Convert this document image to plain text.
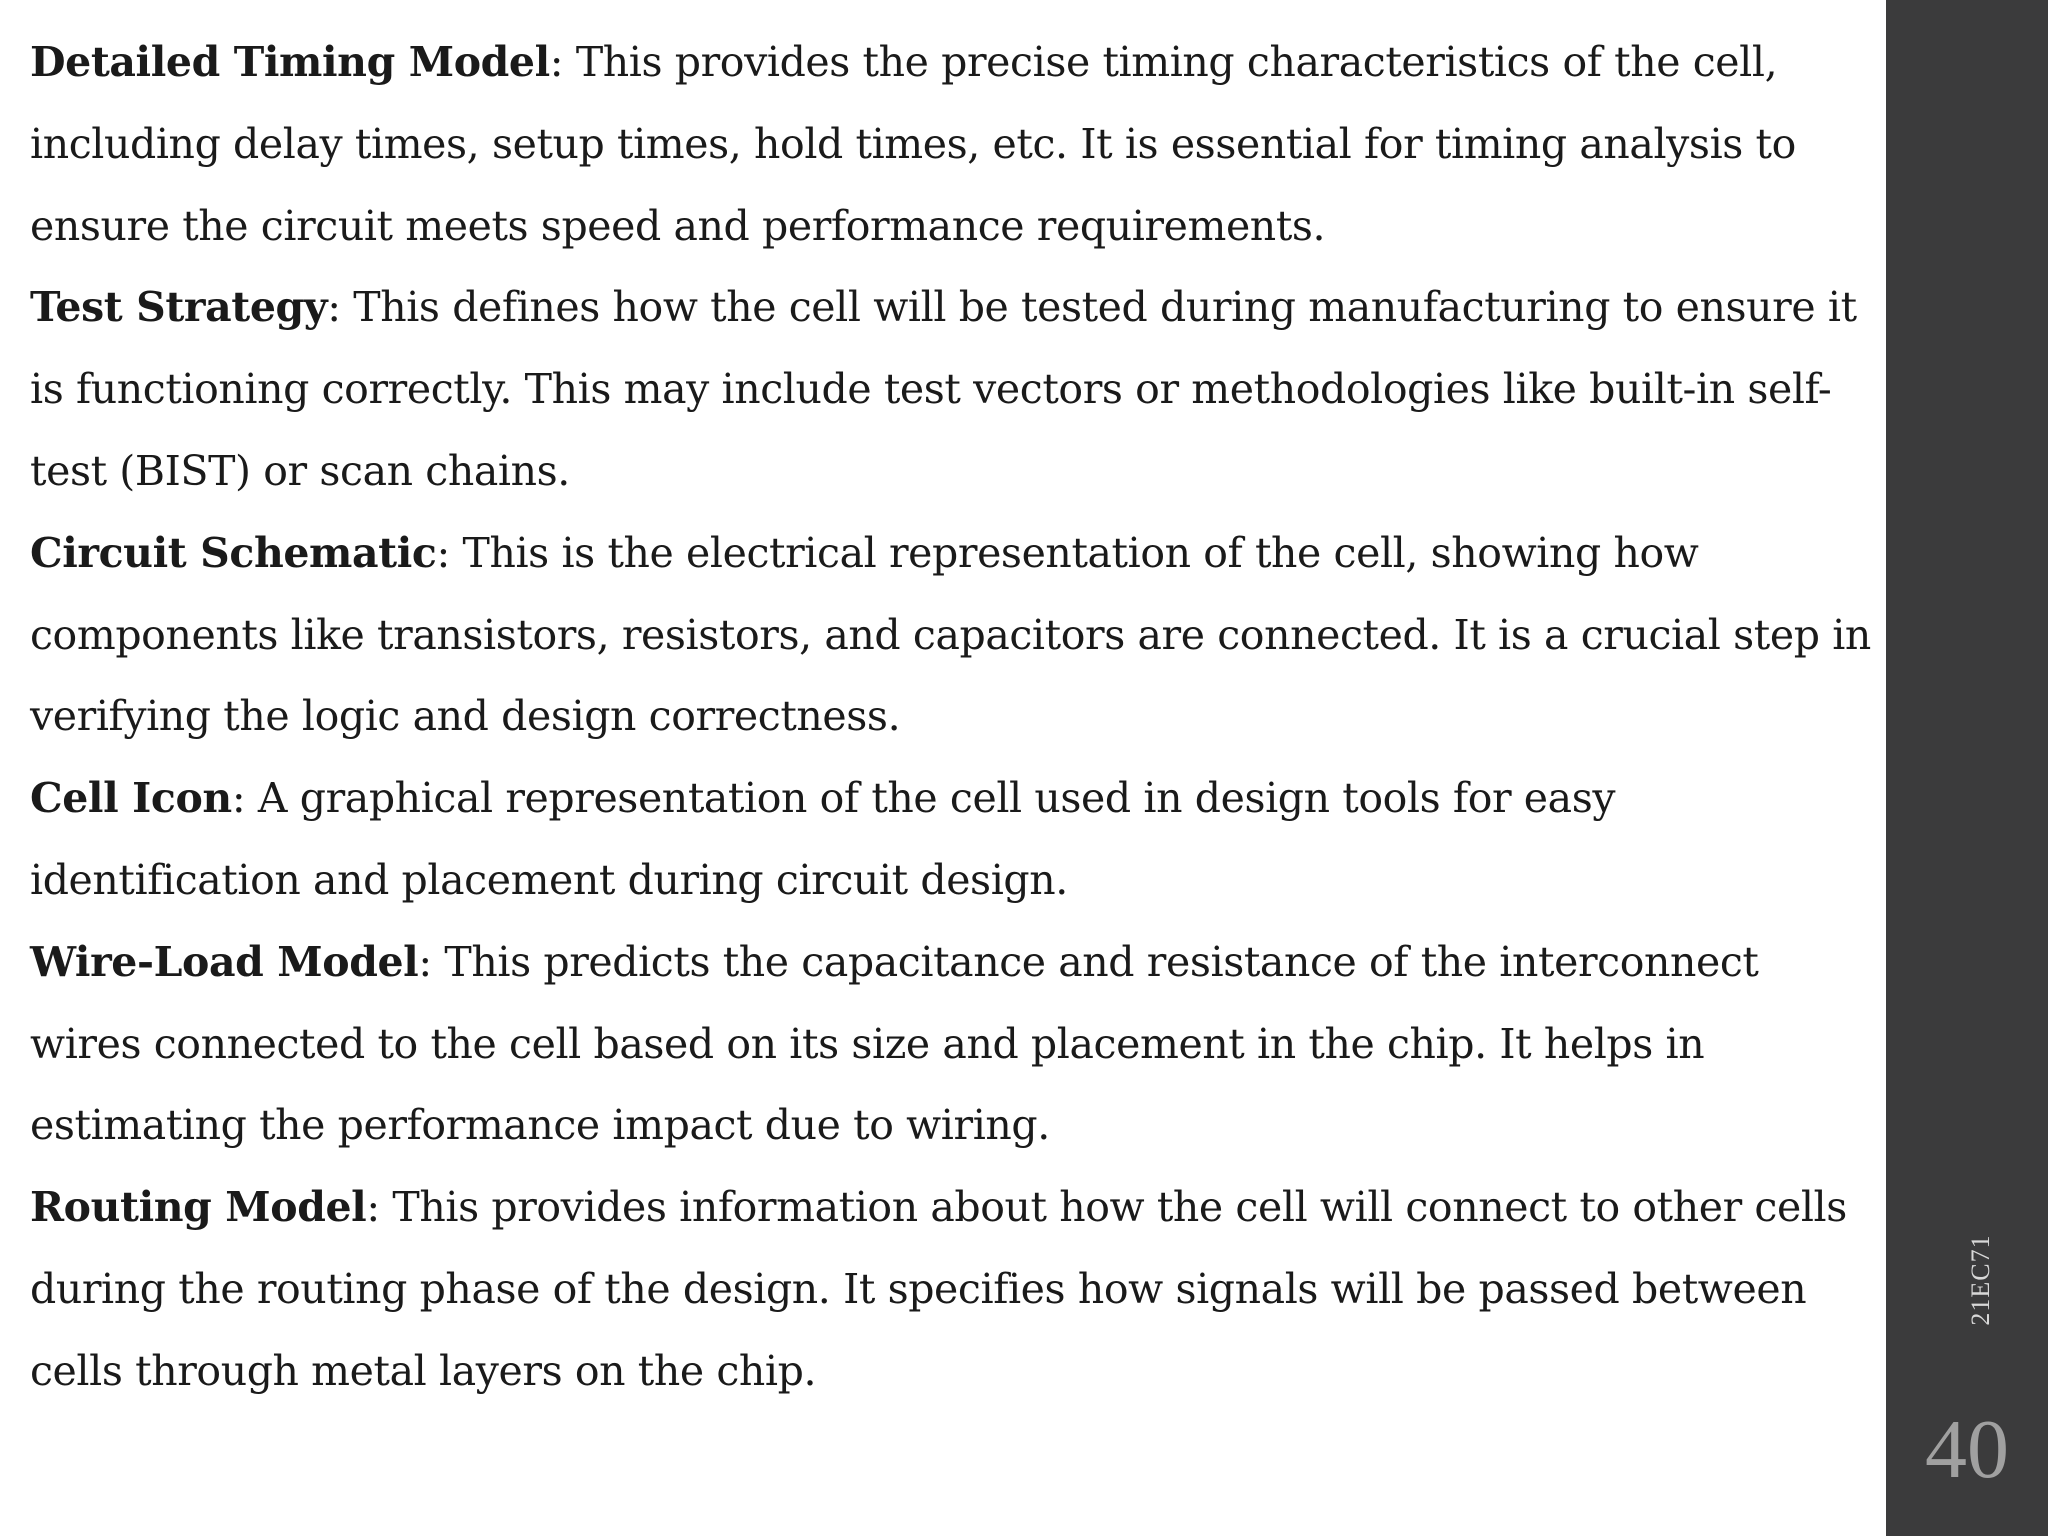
Detailed Timing Model: This provides the precise timing characteristics of the cell, including delay times, setup times, hold times, etc. It is essential for timing analysis to ensure the circuit meets speed and performance requirements.

Test Strategy: This defines how the cell will be tested during manufacturing to ensure it is functioning correctly. This may include test vectors or methodologies like built-in self-test (BIST) or scan chains.

Circuit Schematic: This is the electrical representation of the cell, showing how components like transistors, resistors, and capacitors are connected. It is a crucial step in verifying the logic and design correctness.

Cell Icon: A graphical representation of the cell used in design tools for easy identification and placement during circuit design.

Wire-Load Model: This predicts the capacitance and resistance of the interconnect wires connected to the cell based on its size and placement in the chip. It helps in estimating the performance impact due to wiring.

Routing Model: This provides information about how the cell will connect to other cells during the routing phase of the design. It specifies how signals will be passed between cells through metal layers on the chip.

21EC71
40
